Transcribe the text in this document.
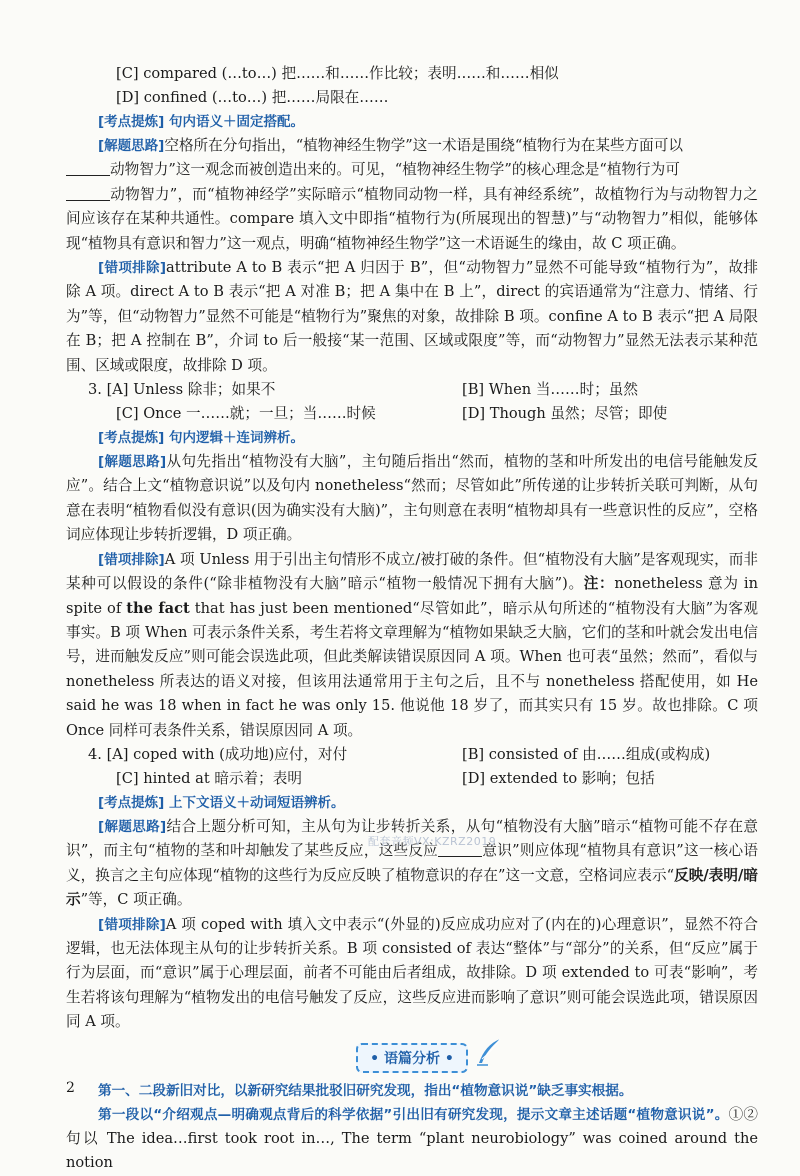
[C] compared (…to…) 把……和……作比较；表明……和……相似
[D] confined (…to…) 把……局限在……
[考点提炼] 句内语义＋固定搭配。

[解题思路]空格所在分句指出，“植物神经生物学”这一术语是围绕“植物行为在某些方面可以
动物智力”这一观念而被创造出来的。可见，“植物神经生物学”的核心理念是“植物行为可
动物智力”，而“植物神经学”实际暗示“植物同动物一样，具有神经系统”，故植物行为与动物智力之间应该存在某种共通性。compare 填入文中即指“植物行为(所展现出的智慧)”与“动物智力”相似，能够体现“植物具有意识和智力”这一观点，明确“植物神经生物学”这一术语诞生的缘由，故 C 项正确。

[错项排除]attribute A to B 表示“把 A 归因于 B”，但“动物智力”显然不可能导致“植物行为”，故排除 A 项。direct A to B 表示“把 A 对准 B；把 A 集中在 B 上”，direct 的宾语通常为“注意力、情绪、行为”等，但“动物智力”显然不可能是“植物行为”聚焦的对象，故排除 B 项。confine A to B 表示“把 A 局限在 B；把 A 控制在 B”，介词 to 后一般接“某一范围、区域或限度”等，而“动物智力”显然无法表示某种范围、区域或限度，故排除 D 项。

3. [A] Unless 除非；如果不	[B] When 当……时；虽然
[C] Once 一……就；一旦；当……时候	[D] Though 虽然；尽管；即使
[考点提炼] 句内逻辑＋连词辨析。

[解题思路]从句先指出“植物没有大脑”，主句随后指出“然而，植物的茎和叶所发出的电信号能触发反应”。结合上文“植物意识说”以及句内 nonetheless“然而；尽管如此”所传递的让步转折关联可判断，从句意在表明“植物看似没有意识(因为确实没有大脑)”，主句则意在表明“植物却具有一些意识性的反应”，空格词应体现让步转折逻辑，D 项正确。

[错项排除]A 项 Unless 用于引出主句情形不成立/被打破的条件。但“植物没有大脑”是客观现实，而非某种可以假设的条件(“除非植物没有大脑”暗示“植物一般情况下拥有大脑”)。注：nonetheless 意为 in spite of the fact that has just been mentioned“尽管如此”，暗示从句所述的“植物没有大脑”为客观事实。B 项 When 可表示条件关系，考生若将文章理解为“植物如果缺乏大脑，它们的茎和叶就会发出电信号，进而触发反应”则可能会误选此项，但此类解读错误原因同 A 项。When 也可表“虽然；然而”，看似与 nonetheless 所表达的语义对接，但该用法通常用于主句之后，且不与 nonetheless 搭配使用，如 He said he was 18 when in fact he was only 15. 他说他 18 岁了，而其实只有 15 岁。故也排除。C 项 Once 同样可表条件关系，错误原因同 A 项。

4. [A] coped with (成功地)应付，对付	[B] consisted of 由……组成(或构成)
[C] hinted at 暗示着；表明	[D] extended to 影响；包括
[考点提炼] 上下文语义＋动词短语辨析。

[解题思路]结合上题分析可知，主从句为让步转折关系，从句“植物没有大脑”暗示“植物可能不存在意识”，而主句“植物的茎和叶却触发了某些反应，这些反应	意识”则应体现“植物具有意识”这一核心语义，换言之主句应体现“植物的这些行为反应反映了植物意识的存在”这一文意，空格词应表示“反映/表明/暗示”等，C 项正确。

[错项排除]A 项 coped with 填入文中表示“(外显的)反应成功应对了(内在的)心理意识”，显然不符合逻辑，也无法体现主从句的让步转折关系。B 项 consisted of 表达“整体”与“部分”的关系，但“反应”属于行为层面，而“意识”属于心理层面，前者不可能由后者组成，故排除。D 项 extended to 可表“影响”，考生若将该句理解为“植物发出的电信号触发了反应，这些反应进而影响了意识”则可能会误选此项，错误原因同 A 项。

• 语篇分析 •
第一、二段新旧对比，以新研究结果批驳旧研究发现，指出“植物意识说”缺乏事实根据。

第一段以“介绍观点—明确观点背后的科学依据”引出旧有研究发现，提示文章主述话题“植物意识说”。①②句以 The idea…first took root in…, The term “plant neurobiology” was coined around the notion

配套音频VX:KZRZ2019
2
